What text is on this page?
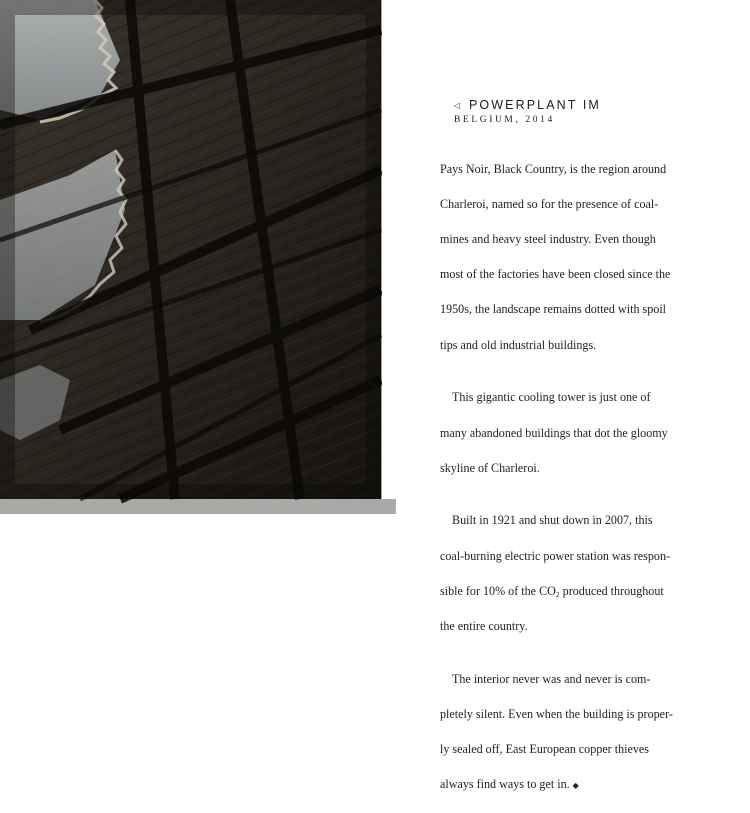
◁ POWERPLANT IM
BELGIUM, 2014

Pays Noir, Black Country, is the region around

Charleroi, named so for the presence of coal-

mines and heavy steel industry. Even though

most of the factories have been closed since the

1950s, the landscape remains dotted with spoil

tips and old industrial buildings.

This gigantic cooling tower is just one of

many abandoned buildings that dot the gloomy

skyline of Charleroi.

Built in 1921 and shut down in 2007, this

coal-burning electric power station was respon-

sible for 10% of the $CO_2$ produced throughout

the entire country.

The interior never was and never is com-

pletely silent. Even when the building is proper-

ly sealed off, East European copper thieves

always find ways to get in. ◆
